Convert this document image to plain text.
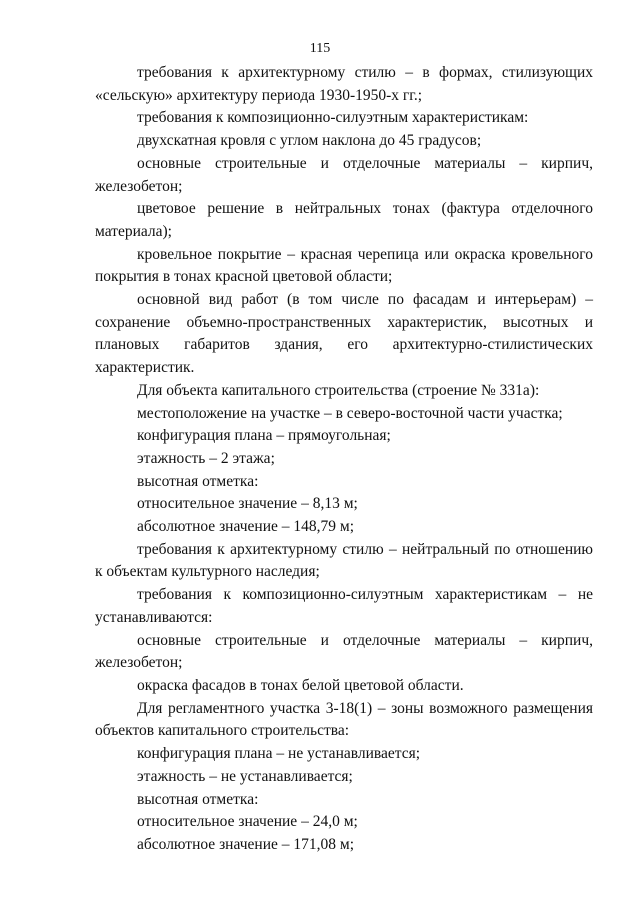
115

требования к архитектурному стилю – в формах, стилизующих «сельскую» архитектуру периода 1930-1950-х гг.;

требования к композиционно-силуэтным характеристикам:

двухскатная кровля с углом наклона до 45 градусов;

основные строительные и отделочные материалы – кирпич, железобетон;

цветовое решение в нейтральных тонах (фактура отделочного материала);

кровельное покрытие – красная черепица или окраска кровельного покрытия в тонах красной цветовой области;

основной вид работ (в том числе по фасадам и интерьерам) – сохранение объемно-пространственных характеристик, высотных и плановых габаритов здания, его архитектурно-стилистических характеристик.

Для объекта капитального строительства (строение № 331а):

местоположение на участке – в северо-восточной части участка;

конфигурация плана – прямоугольная;

этажность – 2 этажа;

высотная отметка:

относительное значение – 8,13 м;

абсолютное значение – 148,79 м;

требования к архитектурному стилю – нейтральный по отношению к объектам культурного наследия;

требования к композиционно-силуэтным характеристикам – не устанавливаются:

основные строительные и отделочные материалы – кирпич, железобетон;

окраска фасадов в тонах белой цветовой области.

Для регламентного участка 3-18(1) – зоны возможного размещения объектов капитального строительства:

конфигурация плана – не устанавливается;

этажность – не устанавливается;

высотная отметка:

относительное значение – 24,0 м;

абсолютное значение – 171,08 м;
